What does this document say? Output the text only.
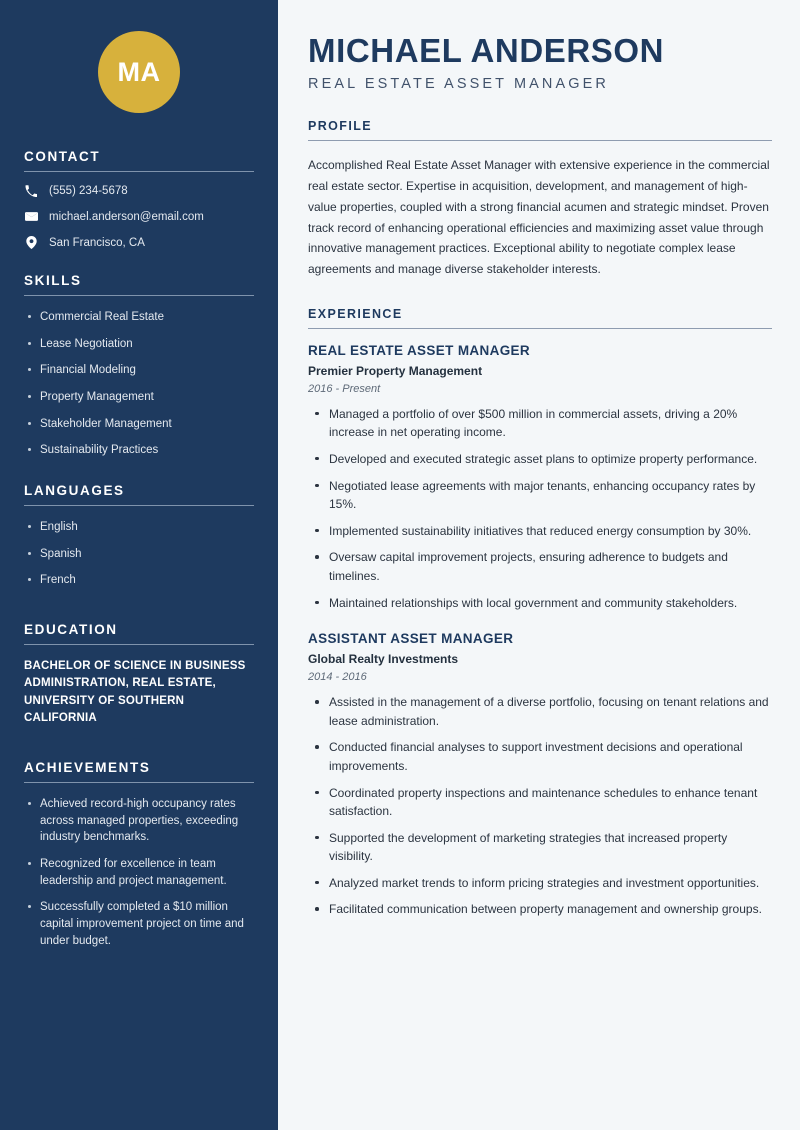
MA
CONTACT
(555) 234-5678
michael.anderson@email.com
San Francisco, CA
SKILLS
Commercial Real Estate
Lease Negotiation
Financial Modeling
Property Management
Stakeholder Management
Sustainability Practices
LANGUAGES
English
Spanish
French
EDUCATION
BACHELOR OF SCIENCE IN BUSINESS ADMINISTRATION, REAL ESTATE, UNIVERSITY OF SOUTHERN CALIFORNIA
ACHIEVEMENTS
Achieved record-high occupancy rates across managed properties, exceeding industry benchmarks.
Recognized for excellence in team leadership and project management.
Successfully completed a $10 million capital improvement project on time and under budget.
MICHAEL ANDERSON
REAL ESTATE ASSET MANAGER
PROFILE

Accomplished Real Estate Asset Manager with extensive experience in the commercial real estate sector. Expertise in acquisition, development, and management of high-value properties, coupled with a strong financial acumen and strategic mindset. Proven track record of enhancing operational efficiencies and maximizing asset value through innovative management practices. Exceptional ability to negotiate complex lease agreements and manage diverse stakeholder interests.

EXPERIENCE
REAL ESTATE ASSET MANAGER
Premier Property Management
2016 - Present
Managed a portfolio of over $500 million in commercial assets, driving a 20% increase in net operating income.
Developed and executed strategic asset plans to optimize property performance.
Negotiated lease agreements with major tenants, enhancing occupancy rates by 15%.
Implemented sustainability initiatives that reduced energy consumption by 30%.
Oversaw capital improvement projects, ensuring adherence to budgets and timelines.
Maintained relationships with local government and community stakeholders.
ASSISTANT ASSET MANAGER
Global Realty Investments
2014 - 2016
Assisted in the management of a diverse portfolio, focusing on tenant relations and lease administration.
Conducted financial analyses to support investment decisions and operational improvements.
Coordinated property inspections and maintenance schedules to enhance tenant satisfaction.
Supported the development of marketing strategies that increased property visibility.
Analyzed market trends to inform pricing strategies and investment opportunities.
Facilitated communication between property management and ownership groups.
